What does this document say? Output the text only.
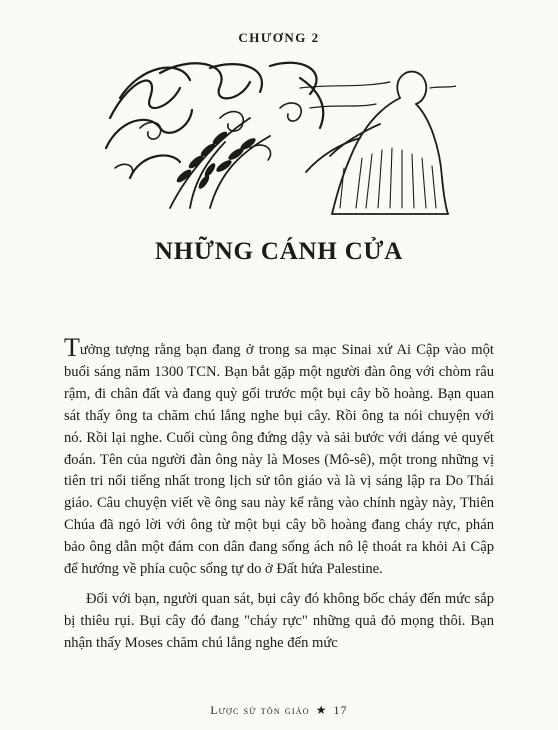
CHƯƠNG 2
NHỮNG CÁNH CỬA

Tưởng tượng rằng bạn đang ở trong sa mạc Sinai xứ Ai Cập vào một buổi sáng năm 1300 TCN. Bạn bắt gặp một người đàn ông với chòm râu rậm, đi chân đất và đang quỳ gối trước một bụi cây bồ hoàng. Bạn quan sát thấy ông ta chăm chú lắng nghe bụi cây. Rồi ông ta nói chuyện với nó. Rồi lại nghe. Cuối cùng ông đứng dậy và sải bước với dáng vẻ quyết đoán. Tên của người đàn ông này là Moses (Mô-sê), một trong những vị tiên tri nổi tiếng nhất trong lịch sử tôn giáo và là vị sáng lập ra Do Thái giáo. Câu chuyện viết về ông sau này kể rằng vào chính ngày này, Thiên Chúa đã ngỏ lời với ông từ một bụi cây bồ hoàng đang cháy rực, phán bảo ông dẫn một đám con dân đang sống ách nô lệ thoát ra khỏi Ai Cập để hướng về phía cuộc sống tự do ở Đất hứa Palestine.

Đối với bạn, người quan sát, bụi cây đó không bốc cháy đến mức sắp bị thiêu rụi. Bụi cây đó đang "cháy rực" những quả đỏ mọng thôi. Bạn nhận thấy Moses chăm chú lắng nghe đến mức

Lược sử tôn giáo ★ 17
